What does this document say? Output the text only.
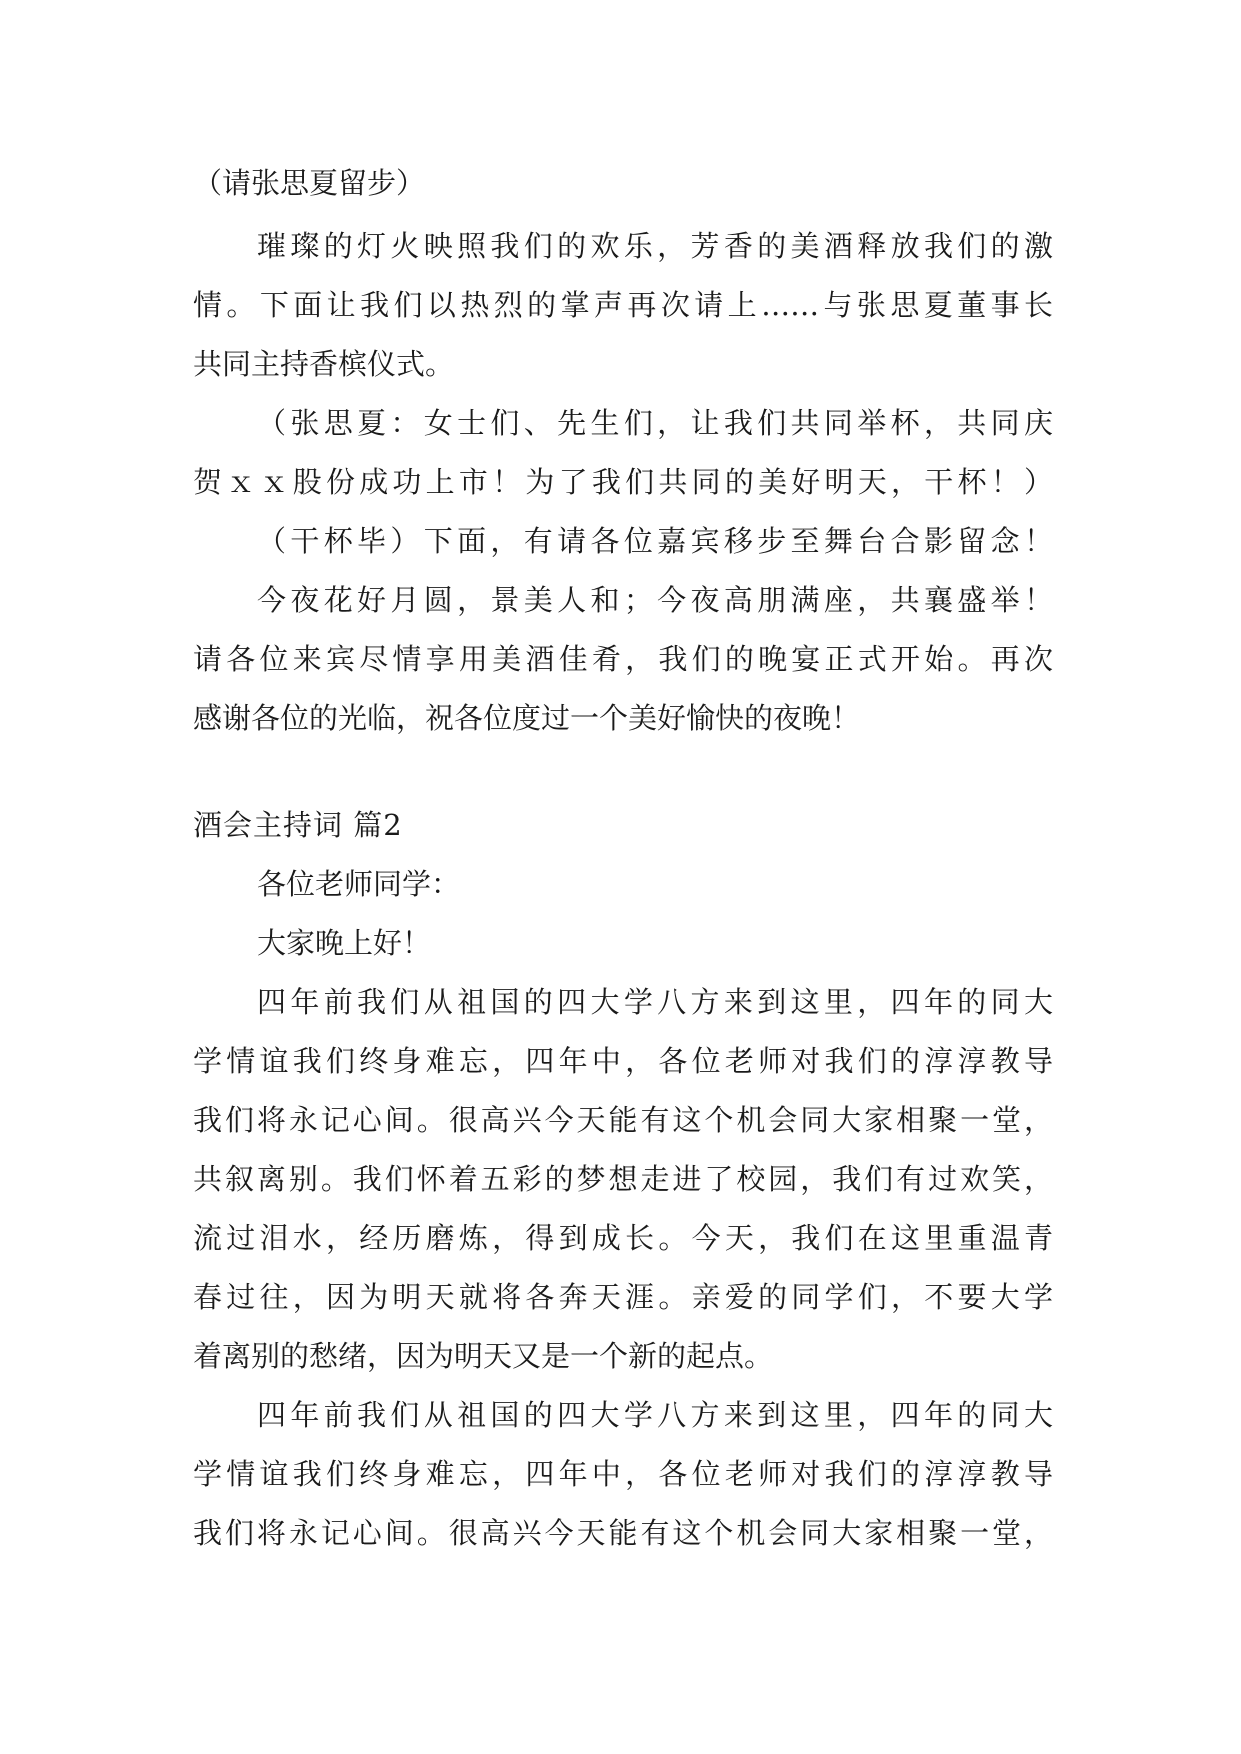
（请张思夏留步）

璀璨的灯火映照我们的欢乐，芳香的美酒释放我们的激

情。下面让我们以热烈的掌声再次请上……与张思夏董事长

共同主持香槟仪式。

（张思夏：女士们、先生们，让我们共同举杯，共同庆

贺ｘｘ股份成功上市！为了我们共同的美好明天，干杯！）

（干杯毕）下面，有请各位嘉宾移步至舞台合影留念！

今夜花好月圆，景美人和；今夜高朋满座，共襄盛举！

请各位来宾尽情享用美酒佳肴，我们的晚宴正式开始。再次

感谢各位的光临，祝各位度过一个美好愉快的夜晚！

酒会主持词 篇2

各位老师同学：

大家晚上好！

四年前我们从祖国的四大学八方来到这里，四年的同大

学情谊我们终身难忘，四年中，各位老师对我们的淳淳教导

我们将永记心间。很高兴今天能有这个机会同大家相聚一堂，

共叙离别。我们怀着五彩的梦想走进了校园，我们有过欢笑，

流过泪水，经历磨炼，得到成长。今天，我们在这里重温青

春过往，因为明天就将各奔天涯。亲爱的同学们，不要大学

着离别的愁绪，因为明天又是一个新的起点。

四年前我们从祖国的四大学八方来到这里，四年的同大

学情谊我们终身难忘，四年中，各位老师对我们的淳淳教导

我们将永记心间。很高兴今天能有这个机会同大家相聚一堂，
